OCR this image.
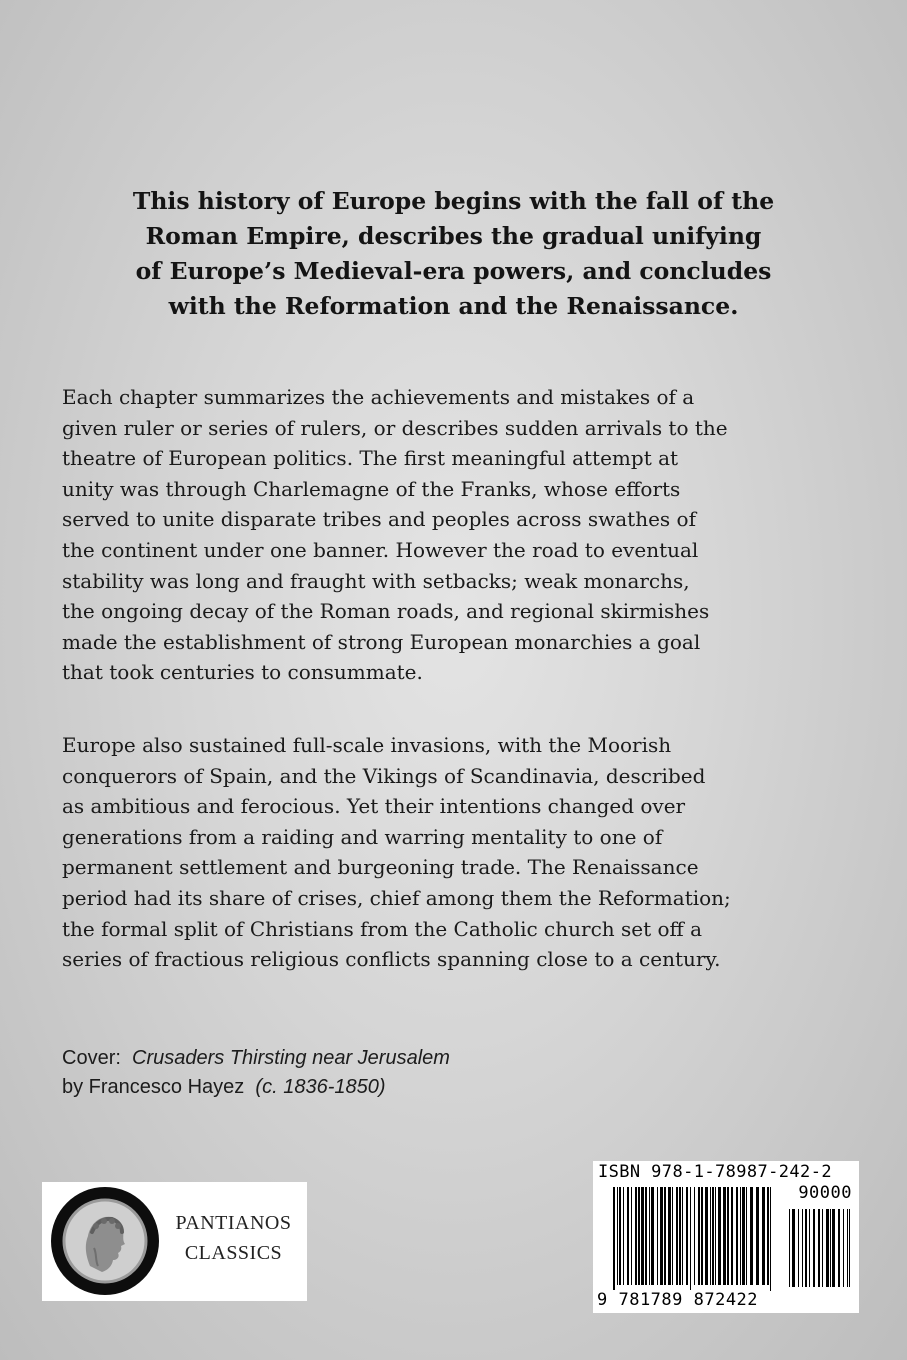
This history of Europe begins with the fall of the
Roman Empire, describes the gradual unifying
of Europe’s Medieval-era powers, and concludes
with the Reformation and the Renaissance.

Each chapter summarizes the achievements and mistakes of a
given ruler or series of rulers, or describes sudden arrivals to the
theatre of European politics. The first meaningful attempt at
unity was through Charlemagne of the Franks, whose efforts
served to unite disparate tribes and peoples across swathes of
the continent under one banner. However the road to eventual
stability was long and fraught with setbacks; weak monarchs,
the ongoing decay of the Roman roads, and regional skirmishes
made the establishment of strong European monarchies a goal
that took centuries to consummate.

Europe also sustained full-scale invasions, with the Moorish
conquerors of Spain, and the Vikings of Scandinavia, described
as ambitious and ferocious. Yet their intentions changed over
generations from a raiding and warring mentality to one of
permanent settlement and burgeoning trade. The Renaissance
period had its share of crises, chief among them the Reformation;
the formal split of Christians from the Catholic church set off a
series of fractious religious conflicts spanning close to a century.

Cover: Crusaders Thirsting near Jerusalem
by Francesco Hayez (c. 1836-1850)

PANTIANOS
CLASSICS

ISBN 978-1-78987-242-2

90000

9 781789 872422
